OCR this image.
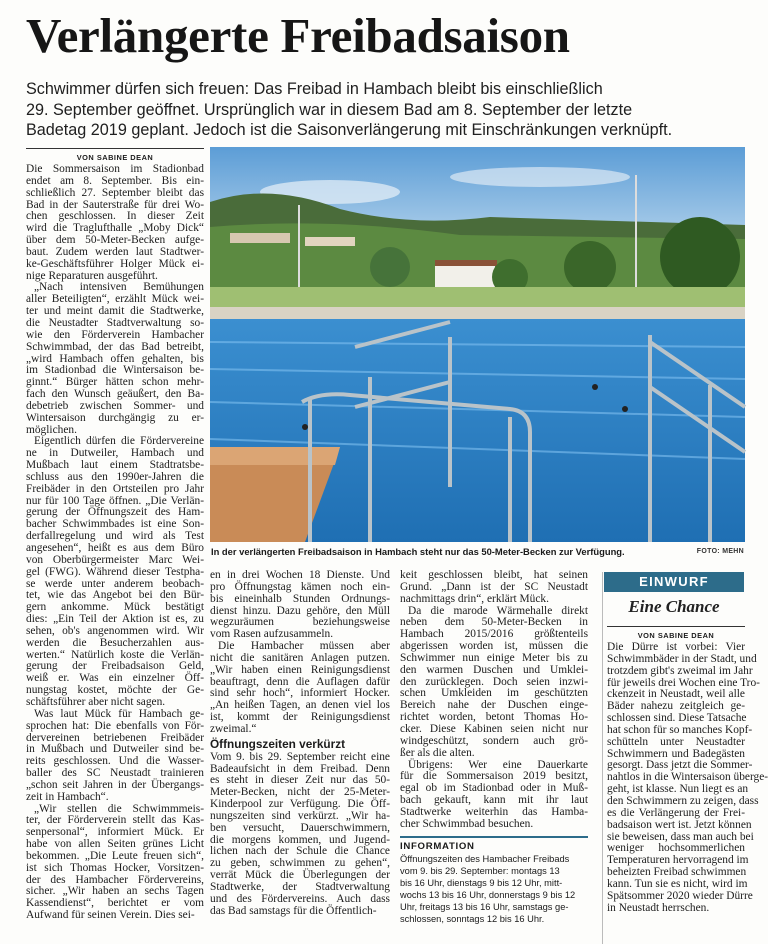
Verlängerte Freibadsaison
Schwimmer dürfen sich freuen: Das Freibad in Hambach bleibt bis einschließlich
29. September geöffnet. Ursprünglich war in diesem Bad am 8. September der letzte
Badetag 2019 geplant. Jedoch ist die Saisonverlängerung mit Einschränkungen verknüpft.
VON SABINE DEAN
Die Sommersaison im Stadionbad
endet am 8. September. Bis ein-
schließlich 27. September bleibt das
Bad in der Sauterstraße für drei Wo-
chen geschlossen. In dieser Zeit
wird die Traglufthalle „Moby Dick“
über dem 50-Meter-Becken aufge-
baut. Zudem werden laut Stadtwer-
ke-Geschäftsführer Holger Mück ei-
nige Reparaturen ausgeführt.
„Nach intensiven Bemühungen
aller Beteiligten“, erzählt Mück wei-
ter und meint damit die Stadtwerke,
die Neustadter Stadtverwaltung so-
wie den Förderverein Hambacher
Schwimmbad, der das Bad betreibt,
„wird Hambach offen gehalten, bis
im Stadionbad die Wintersaison be-
ginnt.“ Bürger hätten schon mehr-
fach den Wunsch geäußert, den Ba-
debetrieb zwischen Sommer- und
Wintersaison durchgängig zu er-
möglichen.
Eigentlich dürfen die Fördervereine
ne in Dutweiler, Hambach und
Mußbach laut einem Stadtratsbe-
schluss aus den 1990er-Jahren die
Freibäder in den Ortsteilen pro Jahr
nur für 100 Tage öffnen. „Die Verlän-
gerung der Öffnungszeit des Ham-
bacher Schwimmbades ist eine Son-
derfallregelung und wird als Test
angesehen“, heißt es aus dem Büro
von Oberbürgermeister Marc Wei-
gel (FWG). Während dieser Testpha-
se werde unter anderem beobach-
tet, wie das Angebot bei den Bür-
gern ankomme. Mück bestätigt
dies: „Ein Teil der Aktion ist es, zu
sehen, ob's angenommen wird. Wir
werden die Besucherzahlen aus-
werten.“ Natürlich koste die Verlän-
gerung der Freibadsaison Geld,
weiß er. Was ein einzelner Öff-
nungstag kostet, möchte der Ge-
schäftsführer aber nicht sagen.
Was laut Mück für Hambach ge-
sprochen hat: Die ebenfalls von För-
dervereinen betriebenen Freibäder
in Mußbach und Dutweiler sind be-
reits geschlossen. Und die Wasser-
baller des SC Neustadt trainieren
„schon seit Jahren in der Übergangs-
zeit in Hambach“.
„Wir stellen die Schwimmmeis-
ter, der Förderverein stellt das Kas-
senpersonal“, informiert Mück. Er
habe von allen Seiten grünes Licht
bekommen. „Die Leute freuen sich“,
ist sich Thomas Hocker, Vorsitzen-
der des Hambacher Fördervereins,
sicher. „Wir haben an sechs Tagen
Kassendienst“, berichtet er vom
Aufwand für seinen Verein. Dies sei-
In der verlängerten Freibadsaison in Hambach steht nur das 50-Meter-Becken zur Verfügung.	FOTO: MEHN
en in drei Wochen 18 Dienste. Und
pro Öffnungstag kämen noch ein-
bis eineinhalb Stunden Ordnungs-
dienst hinzu. Dazu gehöre, den Müll
wegzuräumen beziehungsweise
vom Rasen aufzusammeln.
Die Hambacher müssen aber
nicht die sanitären Anlagen putzen.
„Wir haben einen Reinigungsdienst
beauftragt, denn die Auflagen dafür
sind sehr hoch“, informiert Hocker.
„An heißen Tagen, an denen viel los
ist, kommt der Reinigungsdienst
zweimal.“
Öffnungszeiten verkürzt
Vom 9. bis 29. September reicht eine
Badeaufsicht in dem Freibad. Denn
es steht in dieser Zeit nur das 50-
Meter-Becken, nicht der 25-Meter-
Kinderpool zur Verfügung. Die Öff-
nungszeiten sind verkürzt. „Wir ha-
ben versucht, Dauerschwimmern,
die morgens kommen, und Jugend-
lichen nach der Schule die Chance
zu geben, schwimmen zu gehen“,
verrät Mück die Überlegungen der
Stadtwerke, der Stadtverwaltung
und des Fördervereins. Auch dass
das Bad samstags für die Öffentlich-
keit geschlossen bleibt, hat seinen
Grund. „Dann ist der SC Neustadt
nachmittags drin“, erklärt Mück.
Da die marode Wärmehalle direkt
neben dem 50-Meter-Becken in
Hambach 2015/2016 größtenteils
abgerissen worden ist, müssen die
Schwimmer nun einige Meter bis zu
den warmen Duschen und Umklei-
den zurücklegen. Doch seien inzwi-
schen Umkleiden im geschützten
Bereich nahe der Duschen einge-
richtet worden, betont Thomas Ho-
cker. Diese Kabinen seien nicht nur
windgeschützt, sondern auch grö-
ßer als die alten.
Übrigens: Wer eine Dauerkarte
für die Sommersaison 2019 besitzt,
egal ob im Stadionbad oder in Muß-
bach gekauft, kann mit ihr laut
Stadtwerke weiterhin das Hamba-
cher Schwimmbad besuchen.
INFORMATION
Öffnungszeiten des Hambacher Freibads
vom 9. bis 29. September: montags 13
bis 16 Uhr, dienstags 9 bis 12 Uhr, mitt-
wochs 13 bis 16 Uhr, donnerstags 9 bis 12
Uhr, freitags 13 bis 16 Uhr, samstags ge-
schlossen, sonntags 12 bis 16 Uhr.
EINWURF
Eine Chance
VON SABINE DEAN
Die Dürre ist vorbei: Vier
Schwimmbäder in der Stadt, und
trotzdem gibt's zweimal im Jahr
für jeweils drei Wochen eine Tro-
ckenzeit in Neustadt, weil alle
Bäder nahezu zeitgleich ge-
schlossen sind. Diese Tatsache
hat schon für so manches Kopf-
schütteln unter Neustadter
Schwimmern und Badegästen
gesorgt. Dass jetzt die Sommer-
nahtlos in die Wintersaison überge-
geht, ist klasse. Nun liegt es an
den Schwimmern zu zeigen, dass
es die Verlängerung der Frei-
badsaison wert ist. Jetzt können
sie beweisen, dass man auch bei
weniger hochsommerlichen
Temperaturen hervorragend im
beheizten Freibad schwimmen
kann. Tun sie es nicht, wird im
Spätsommer 2020 wieder Dürre
in Neustadt herrschen.
